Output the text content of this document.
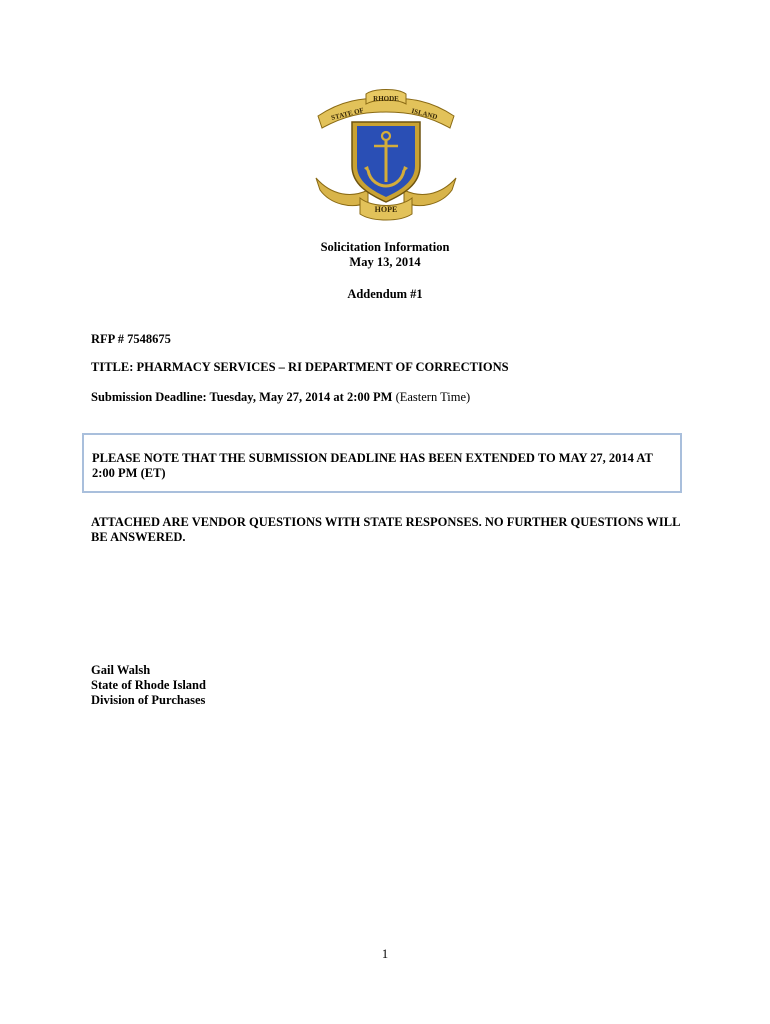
HOPE
RHODE
STATE OF	ISLAND
Solicitation Information
May 13, 2014
Addendum #1
RFP # 7548675
TITLE: PHARMACY SERVICES – RI DEPARTMENT OF CORRECTIONS
Submission Deadline: Tuesday, May 27, 2014 at 2:00 PM (Eastern Time)
PLEASE NOTE THAT THE SUBMISSION DEADLINE HAS BEEN EXTENDED TO MAY 27, 2014 AT 2:00 PM (ET)
ATTACHED ARE VENDOR QUESTIONS WITH STATE RESPONSES. NO FURTHER QUESTIONS WILL BE ANSWERED.
Gail Walsh
State of Rhode Island
Division of Purchases
1
